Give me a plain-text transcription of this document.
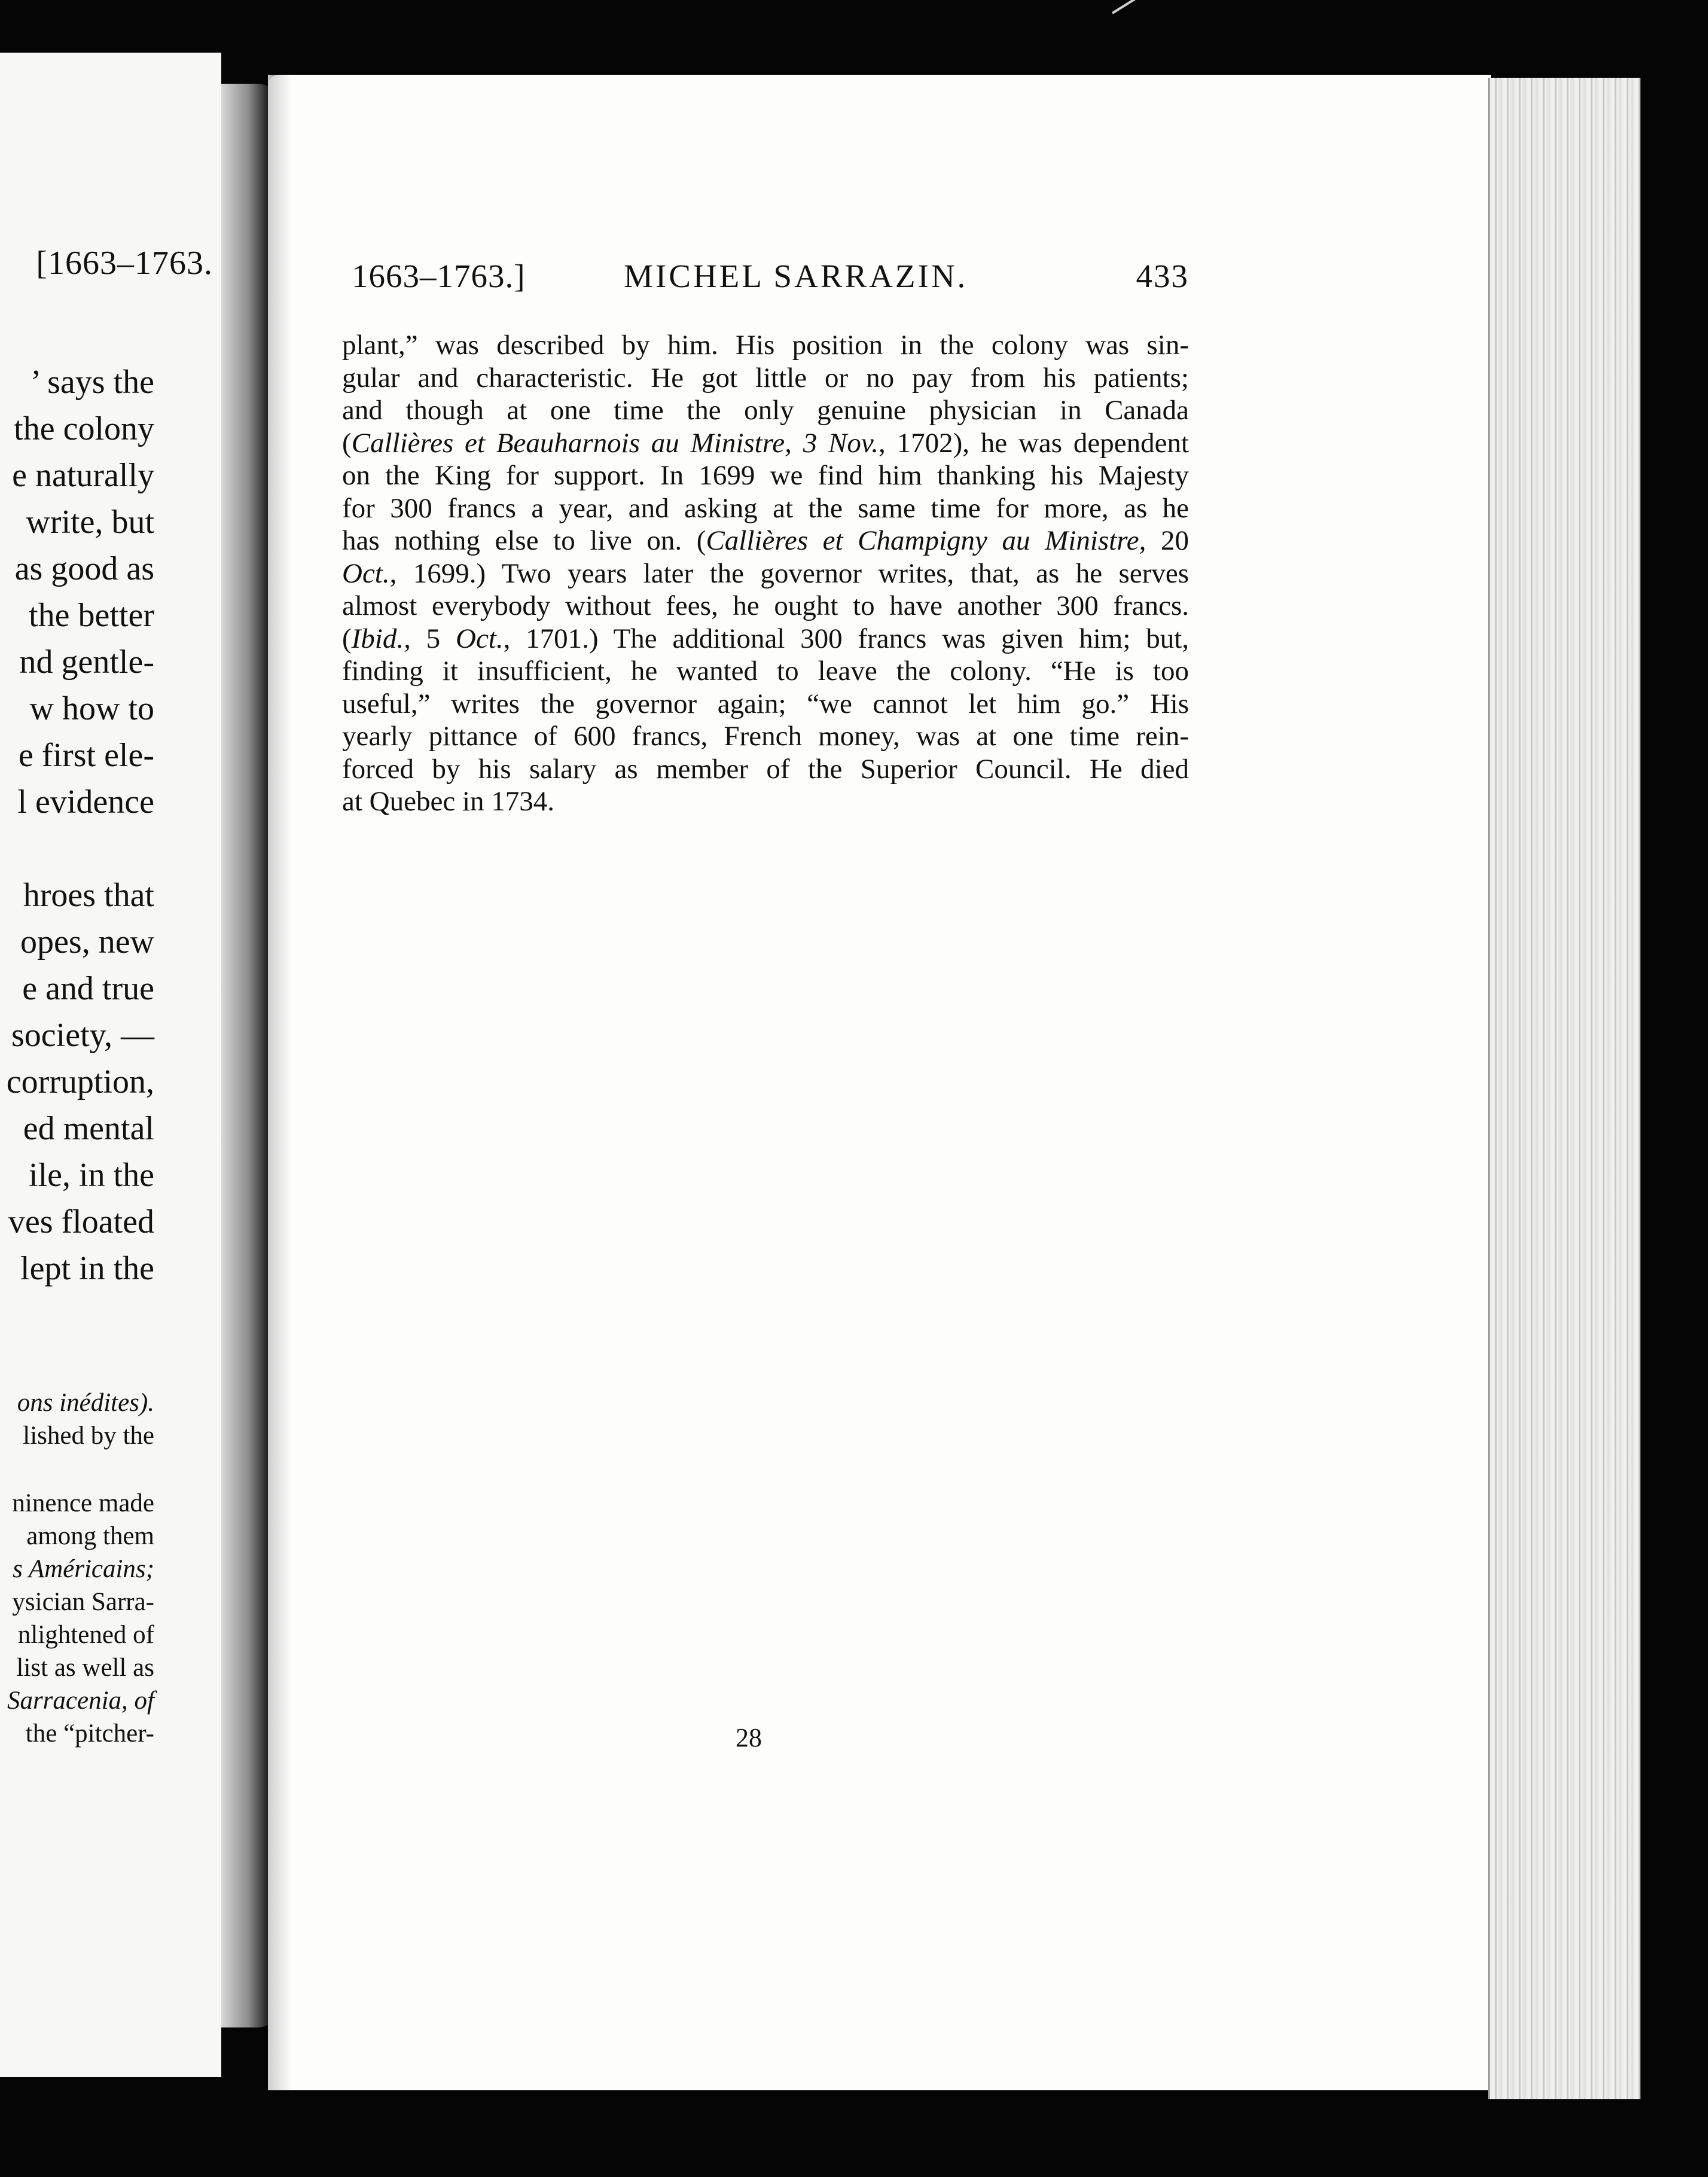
[1663–1763.
’ says the
the colony
e naturally
write, but
as good as
the better
nd gentle-
w how to
e first ele-
l evidence
hroes that
opes, new
e and true
society, —
corruption,
ed mental
ile, in the
ves floated
lept in the
ons inédites).
lished by the
ninence made
among them
s Américains;
ysician Sarra-
nlightened of
list as well as
Sarracenia, of
the “pitcher-
1663–1763.]	MICHEL SARRAZIN.	433
plant,” was described by him. His position in the colony was sin-
gular and characteristic. He got little or no pay from his patients;
and though at one time the only genuine physician in Canada
(Callières et Beauharnois au Ministre, 3 Nov., 1702), he was dependent
on the King for support. In 1699 we find him thanking his Majesty
for 300 francs a year, and asking at the same time for more, as he
has nothing else to live on. (Callières et Champigny au Ministre, 20
Oct., 1699.) Two years later the governor writes, that, as he serves
almost everybody without fees, he ought to have another 300 francs.
(Ibid., 5 Oct., 1701.) The additional 300 francs was given him; but,
finding it insufficient, he wanted to leave the colony. “He is too
useful,” writes the governor again; “we cannot let him go.” His
yearly pittance of 600 francs, French money, was at one time rein-
forced by his salary as member of the Superior Council. He died
at Quebec in 1734.
28
